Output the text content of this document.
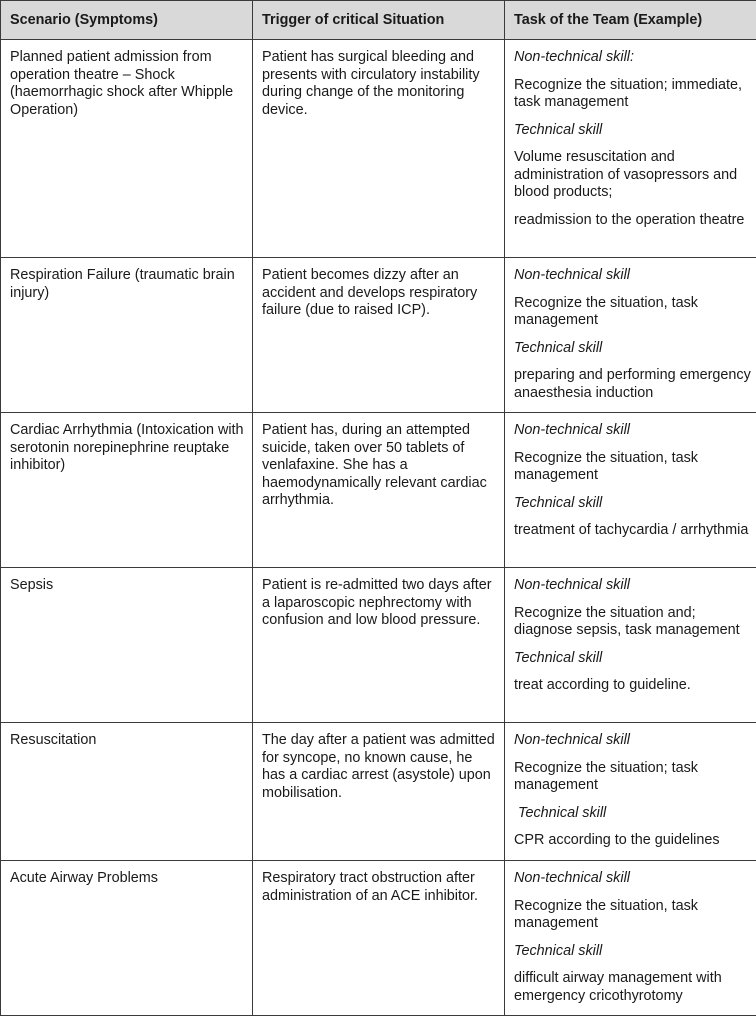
Scenario (Symptoms)	Trigger of critical Situation	Task of the Team (Example)
Planned patient admission from operation theatre – Shock (haemorrhagic shock after Whipple Operation)	Patient has surgical bleeding and presents with circulatory instability during change of the monitoring device.	Non-technical skill:

Recognize the situation; immediate, task management

Technical skill

Volume resuscitation and administration of vasopressors and blood products;

readmission to the operation theatre

Respiration Failure (traumatic brain injury)	Patient becomes dizzy after an accident and develops respiratory failure (due to raised ICP).	Non-technical skill

Recognize the situation, task management

Technical skill

preparing and performing emergency anaesthesia induction

Cardiac Arrhythmia (Intoxication with serotonin norepinephrine reuptake inhibitor)	Patient has, during an attempted suicide, taken over 50 tablets of venlafaxine. She has a haemodynamically relevant cardiac arrhythmia.	Non-technical skill

Recognize the situation, task management

Technical skill

treatment of tachycardia / arrhythmia

Sepsis	Patient is re-admitted two days after a laparoscopic nephrectomy with confusion and low blood pressure.	Non-technical skill

Recognize the situation and; diagnose sepsis, task management

Technical skill

treat according to guideline.

Resuscitation	The day after a patient was admitted for syncope, no known cause, he has a cardiac arrest (asystole) upon mobilisation.	Non-technical skill

Recognize the situation; task management

Technical skill

CPR according to the guidelines

Acute Airway Problems	Respiratory tract obstruction after administration of an ACE inhibitor.	Non-technical skill

Recognize the situation, task management

Technical skill

difficult airway management with emergency cricothyrotomy
